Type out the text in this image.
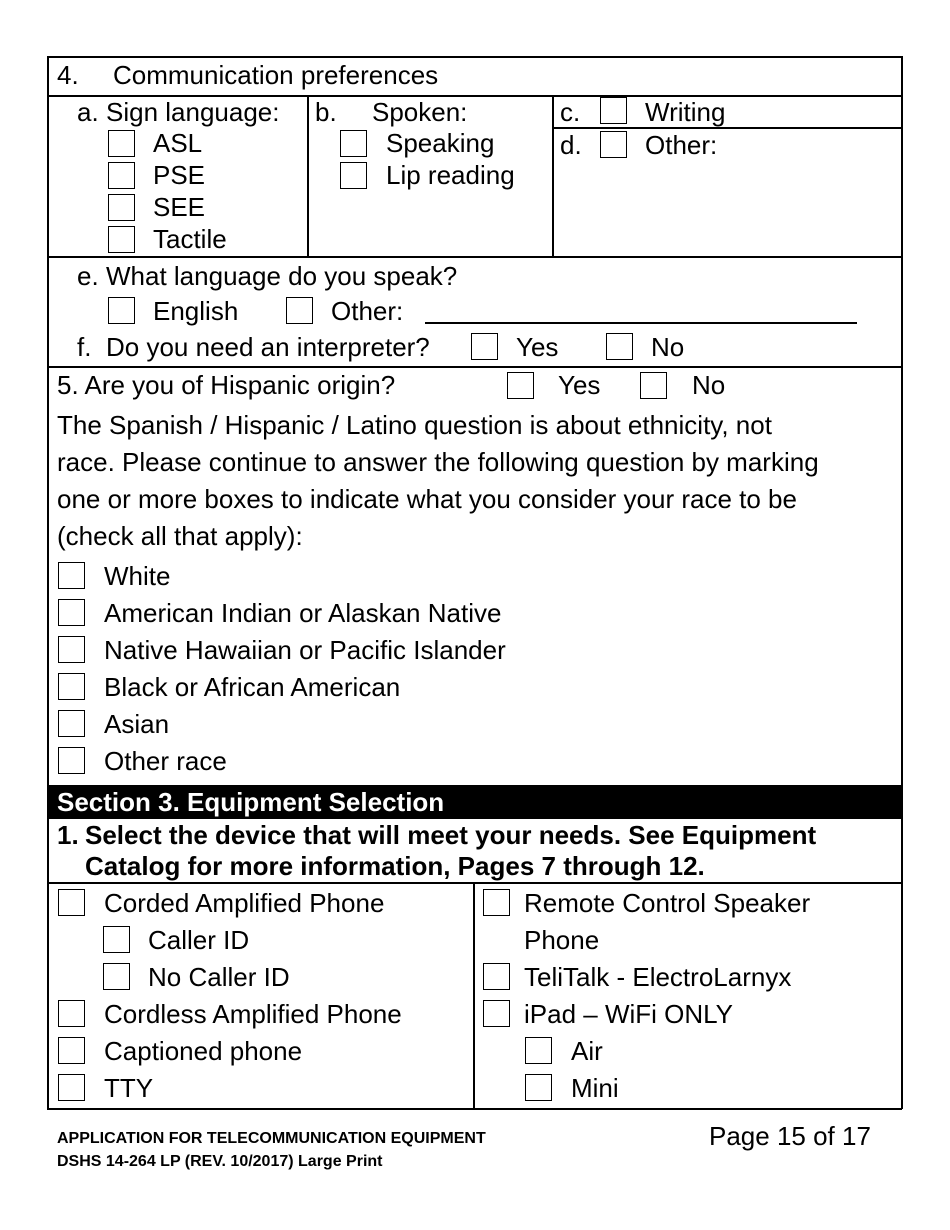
4. Communication preferences
a. Sign language:
ASL
PSE
SEE
Tactile
b. Spoken:
Speaking
Lip reading
c. Writing
d. Other:
e. What language do you speak?
English	Other:
f. Do you need an interpreter?	Yes	No
5. Are you of Hispanic origin?	Yes	No
The Spanish / Hispanic / Latino question is about ethnicity, not
race. Please continue to answer the following question by marking
one or more boxes to indicate what you consider your race to be
(check all that apply):
White
American Indian or Alaskan Native
Native Hawaiian or Pacific Islander
Black or African American
Asian
Other race
Section 3. Equipment Selection
1. Select the device that will meet your needs. See Equipment
Catalog for more information, Pages 7 through 12.
Corded Amplified Phone
Caller ID
No Caller ID
Cordless Amplified Phone
Captioned phone
TTY
Remote Control Speaker
Phone
TeliTalk - ElectroLarnyx
iPad – WiFi ONLY
Air
Mini
APPLICATION FOR TELECOMMUNICATION EQUIPMENT
DSHS 14-264 LP (REV. 10/2017) Large Print
Page 15 of 17
